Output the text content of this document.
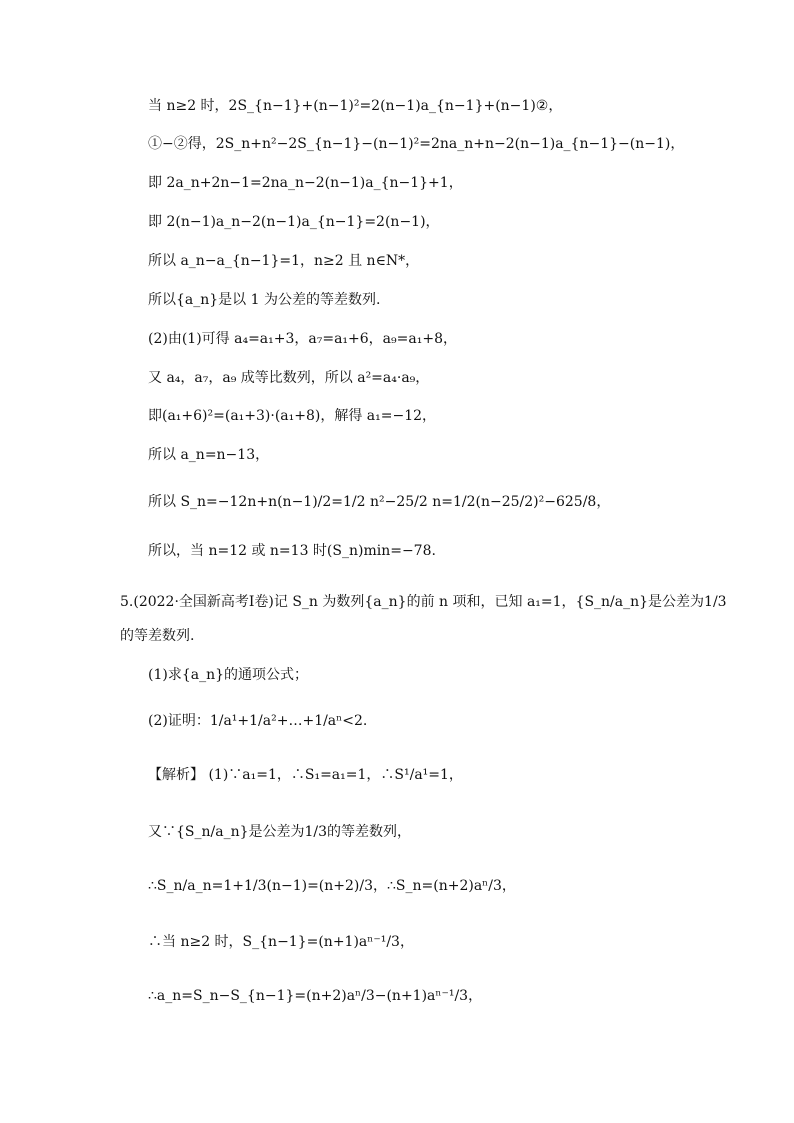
当 n≥2 时，2S_{n−1}+(n−1)²=2(n−1)a_{n−1}+(n−1)②，
①−②得，2S_n+n²−2S_{n−1}−(n−1)²=2na_n+n−2(n−1)a_{n−1}−(n−1)，
即 2a_n+2n−1=2na_n−2(n−1)a_{n−1}+1，
即 2(n−1)a_n−2(n−1)a_{n−1}=2(n−1)，
所以 a_n−a_{n−1}=1，n≥2 且 n∈N*，
所以{a_n}是以 1 为公差的等差数列.
(2)由(1)可得 a₄=a₁+3，a₇=a₁+6，a₉=a₁+8，
又 a₄，a₇，a₉ 成等比数列，所以 a²=a₄·a₉，
即(a₁+6)²=(a₁+3)·(a₁+8)，解得 a₁=−12，
所以 a_n=n−13，
所以 S_n=−12n+n(n−1)/2=1/2 n²−25/2 n=1/2(n−25/2)²−625/8，
所以，当 n=12 或 n=13 时(S_n)min=−78.
5.(2022·全国新高考Ⅰ卷)记 S_n 为数列{a_n}的前 n 项和，已知 a₁=1，{S_n/a_n}是公差为1/3
的等差数列.
(1)求{a_n}的通项公式；
(2)证明：1/a¹+1/a²+…+1/aⁿ<2.
【解析】 (1)∵a₁=1，∴S₁=a₁=1，∴S¹/a¹=1，
又∵{S_n/a_n}是公差为1/3的等差数列，
∴S_n/a_n=1+1/3(n−1)=(n+2)/3，∴S_n=(n+2)aⁿ/3，
∴当 n≥2 时，S_{n−1}=(n+1)aⁿ⁻¹/3，
∴a_n=S_n−S_{n−1}=(n+2)aⁿ/3−(n+1)aⁿ⁻¹/3，
